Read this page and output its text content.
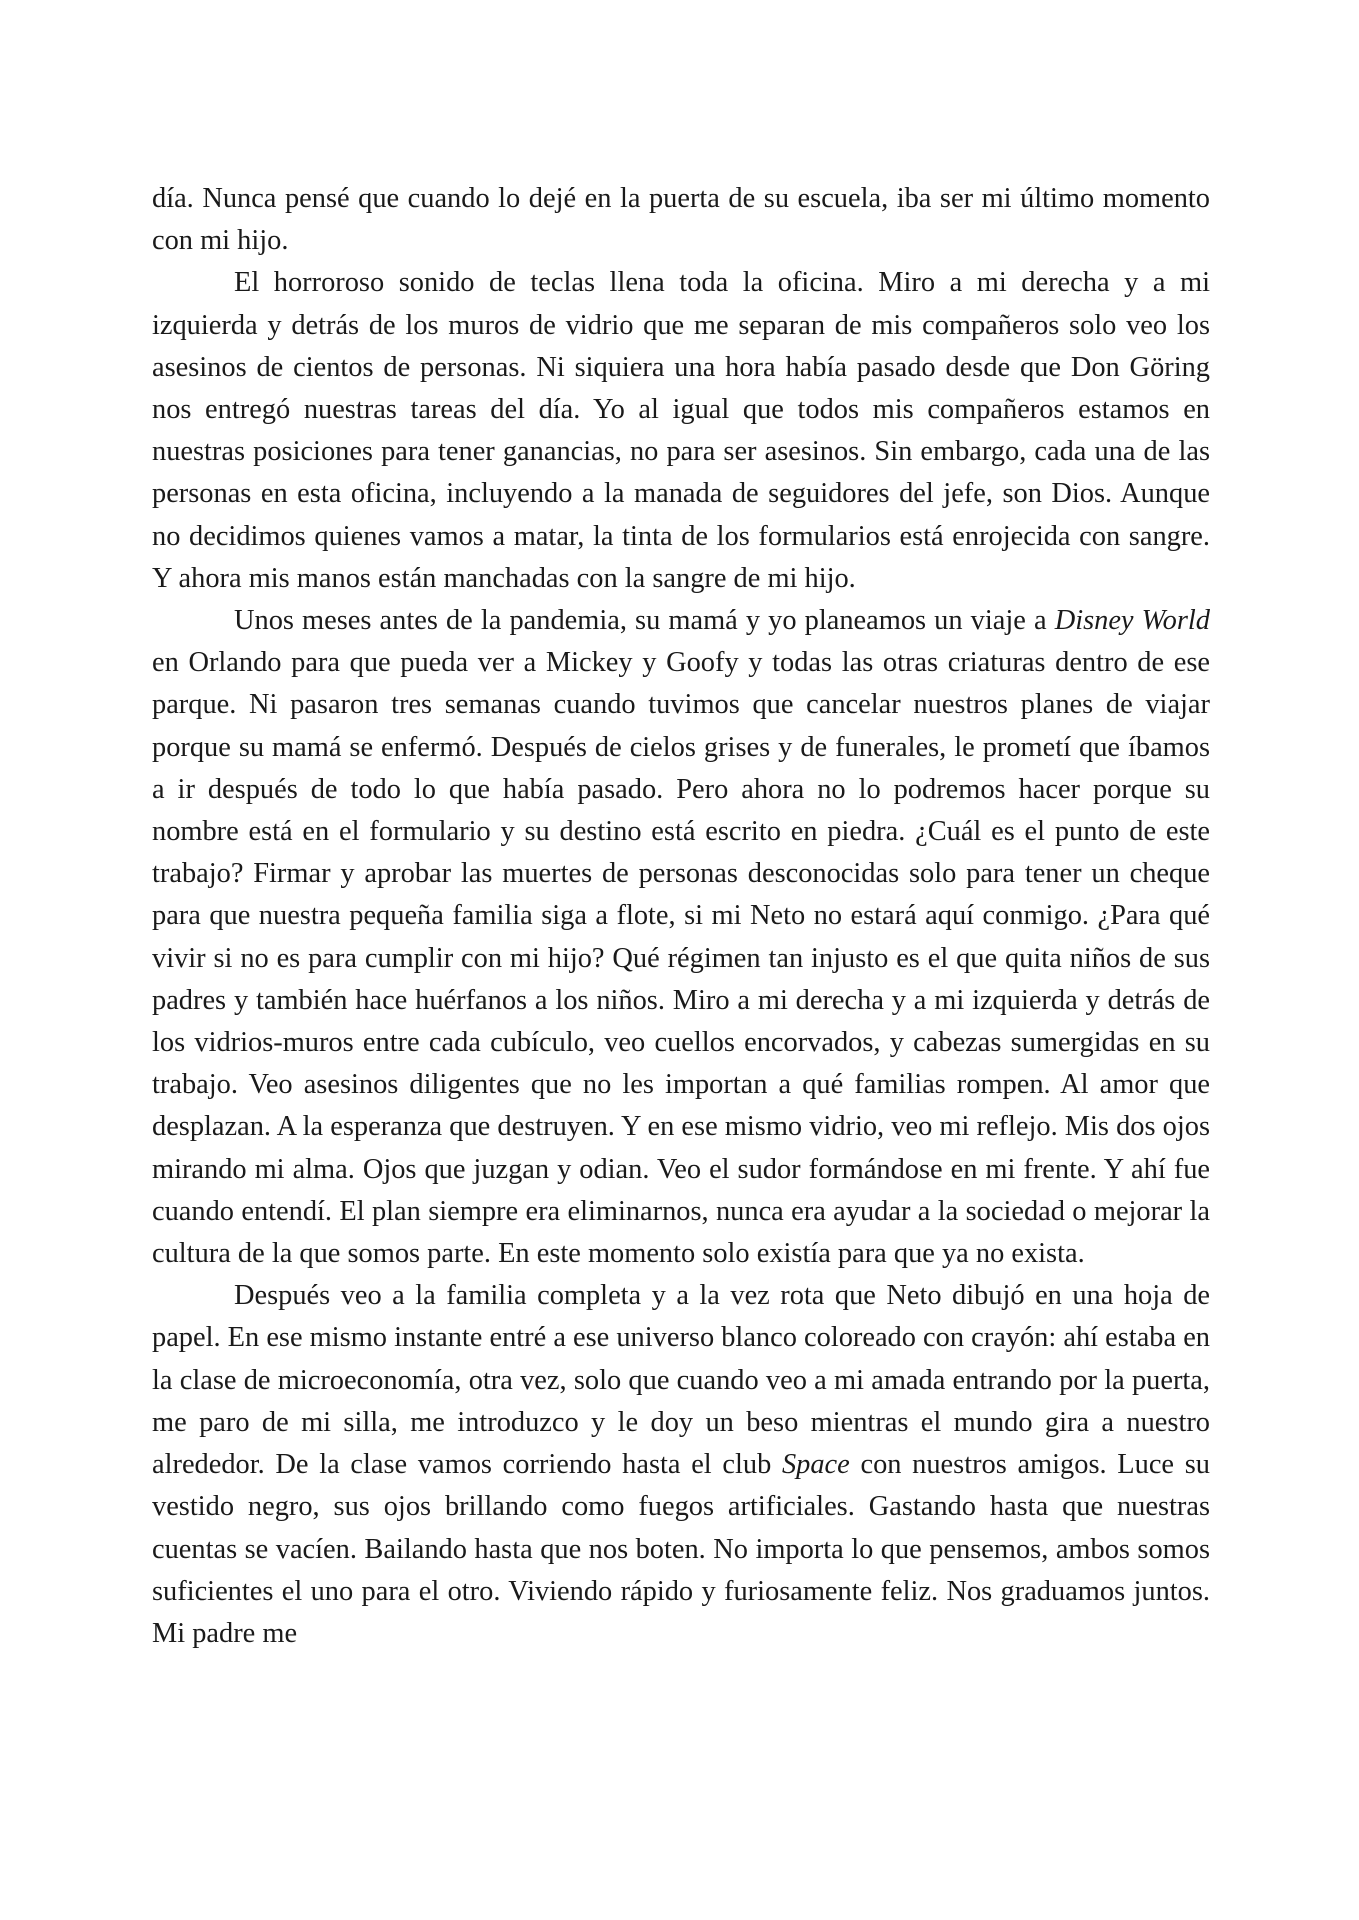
día. Nunca pensé que cuando lo dejé en la puerta de su escuela, iba ser mi último momento con mi hijo.

El horroroso sonido de teclas llena toda la oficina. Miro a mi derecha y a mi izquierda y detrás de los muros de vidrio que me separan de mis compañeros solo veo los asesinos de cientos de personas. Ni siquiera una hora había pasado desde que Don Göring nos entregó nuestras tareas del día. Yo al igual que todos mis compañeros estamos en nuestras posiciones para tener ganancias, no para ser asesinos. Sin embargo, cada una de las personas en esta oficina, incluyendo a la manada de seguidores del jefe, son Dios. Aunque no decidimos quienes vamos a matar, la tinta de los formularios está enrojecida con sangre. Y ahora mis manos están manchadas con la sangre de mi hijo.

Unos meses antes de la pandemia, su mamá y yo planeamos un viaje a Disney World en Orlando para que pueda ver a Mickey y Goofy y todas las otras criaturas dentro de ese parque. Ni pasaron tres semanas cuando tuvimos que cancelar nuestros planes de viajar porque su mamá se enfermó. Después de cielos grises y de funerales, le prometí que íbamos a ir después de todo lo que había pasado. Pero ahora no lo podremos hacer porque su nombre está en el formulario y su destino está escrito en piedra. ¿Cuál es el punto de este trabajo? Firmar y aprobar las muertes de personas desconocidas solo para tener un cheque para que nuestra pequeña familia siga a flote, si mi Neto no estará aquí conmigo. ¿Para qué vivir si no es para cumplir con mi hijo? Qué régimen tan injusto es el que quita niños de sus padres y también hace huérfanos a los niños. Miro a mi derecha y a mi izquierda y detrás de los vidrios-muros entre cada cubículo, veo cuellos encorvados, y cabezas sumergidas en su trabajo. Veo asesinos diligentes que no les importan a qué familias rompen. Al amor que desplazan. A la esperanza que destruyen. Y en ese mismo vidrio, veo mi reflejo. Mis dos ojos mirando mi alma. Ojos que juzgan y odian. Veo el sudor formándose en mi frente. Y ahí fue cuando entendí. El plan siempre era eliminarnos, nunca era ayudar a la sociedad o mejorar la cultura de la que somos parte. En este momento solo existía para que ya no exista.

Después veo a la familia completa y a la vez rota que Neto dibujó en una hoja de papel. En ese mismo instante entré a ese universo blanco coloreado con crayón: ahí estaba en la clase de microeconomía, otra vez, solo que cuando veo a mi amada entrando por la puerta, me paro de mi silla, me introduzco y le doy un beso mientras el mundo gira a nuestro alrededor. De la clase vamos corriendo hasta el club Space con nuestros amigos. Luce su vestido negro, sus ojos brillando como fuegos artificiales. Gastando hasta que nuestras cuentas se vacíen. Bailando hasta que nos boten. No importa lo que pensemos, ambos somos suficientes el uno para el otro. Viviendo rápido y furiosamente feliz. Nos graduamos juntos. Mi padre me
